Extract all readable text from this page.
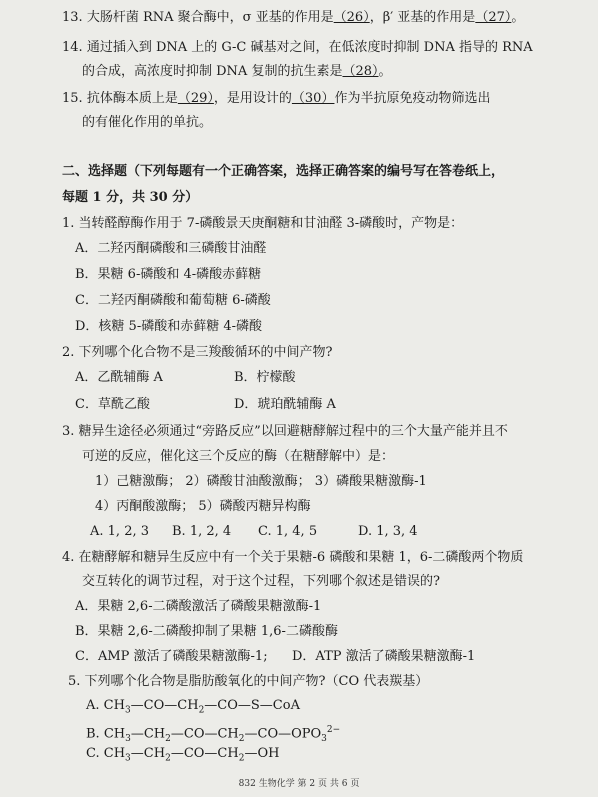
13. 大肠杆菌 RNA 聚合酶中，σ 亚基的作用是（26），β′ 亚基的作用是（27）。
14. 通过插入到 DNA 上的 G-C 碱基对之间，在低浓度时抑制 DNA 指导的 RNA
的合成，高浓度时抑制 DNA 复制的抗生素是（28）。
15. 抗体酶本质上是（29），是用设计的（30）作为半抗原免疫动物筛选出
的有催化作用的单抗。
二、选择题（下列每题有一个正确答案，选择正确答案的编号写在答卷纸上，
每题 1 分，共 30 分）
1. 当转醛醇酶作用于 7-磷酸景天庚酮糖和甘油醛 3-磷酸时，产物是：
A．二羟丙酮磷酸和三磷酸甘油醛
B．果糖 6-磷酸和 4-磷酸赤藓糖
C．二羟丙酮磷酸和葡萄糖 6-磷酸
D．核糖 5-磷酸和赤藓糖 4-磷酸
2. 下列哪个化合物不是三羧酸循环的中间产物?
A．乙酰辅酶 A	B．柠檬酸
C．草酰乙酸	D．琥珀酰辅酶 A
3. 糖异生途径必须通过“旁路反应”以回避糖酵解过程中的三个大量产能并且不
可逆的反应，催化这三个反应的酶（在糖酵解中）是：
1）己糖激酶； 2）磷酸甘油酸激酶； 3）磷酸果糖激酶-1
4）丙酮酸激酶； 5）磷酸丙糖异构酶
A. 1, 2, 3 B. 1, 2, 4 C. 1, 4, 5	D. 1, 3, 4
4. 在糖酵解和糖异生反应中有一个关于果糖-6 磷酸和果糖 1，6-二磷酸两个物质
交互转化的调节过程，对于这个过程，下列哪个叙述是错误的?
A．果糖 2,6-二磷酸激活了磷酸果糖激酶-1
B．果糖 2,6-二磷酸抑制了果糖 1,6-二磷酸酶
C．AMP 激活了磷酸果糖激酶-1; D．ATP 激活了磷酸果糖激酶-1
5. 下列哪个化合物是脂肪酸氧化的中间产物?（CO 代表羰基）
A. $CH_3—CO—CH_2—CO—S—CoA$
B. $CH_3—CH_2—CO—CH_2—CO—OPO_3^{2-}$
C. $CH_3—CH_2—CO—CH_2—OH$
832 生物化学 第 2 页 共 6 页
